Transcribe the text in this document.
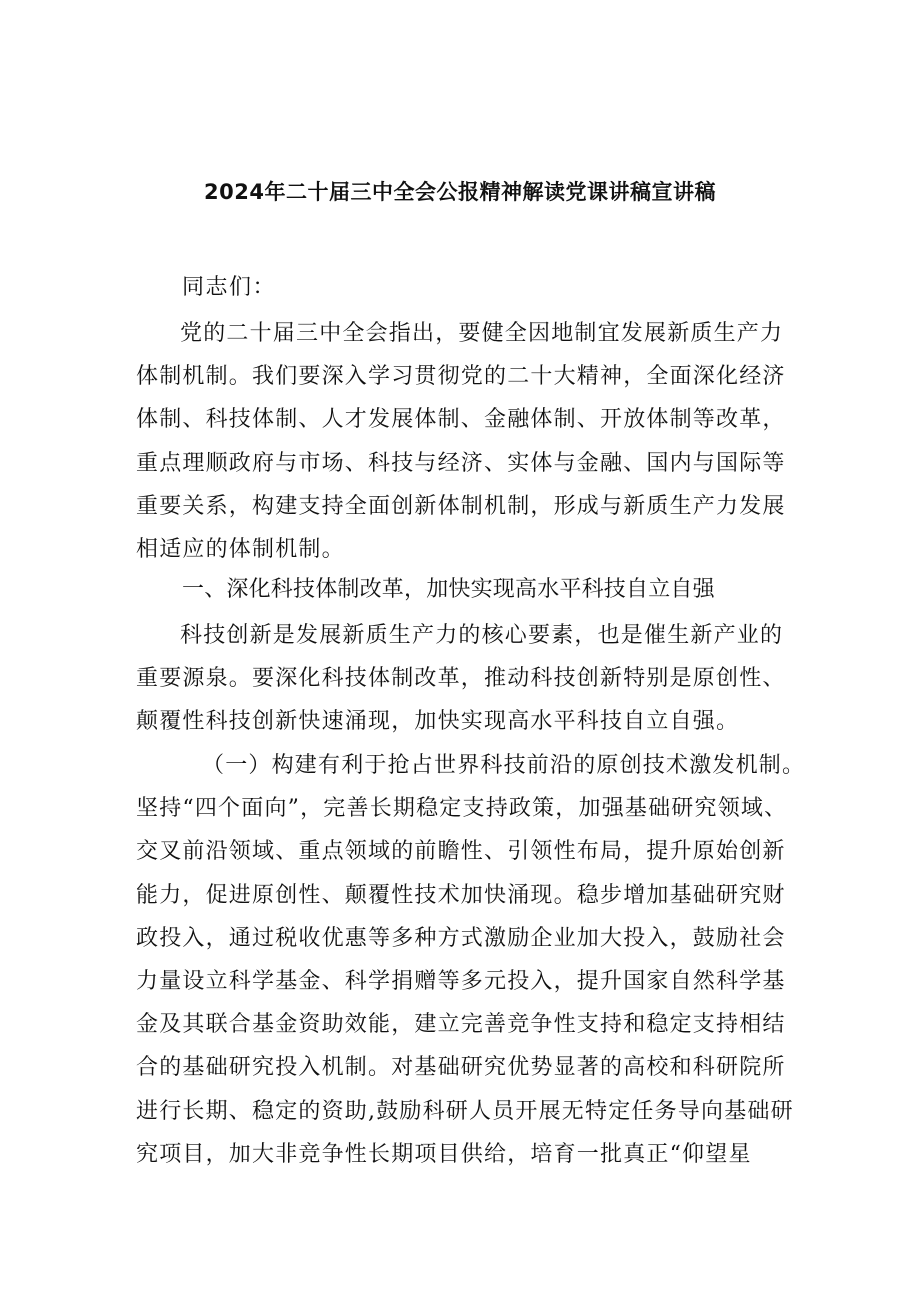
2024年二十届三中全会公报精神解读党课讲稿宣讲稿
同志们：
党的二十届三中全会指出，要健全因地制宜发展新质生产力
体制机制。我们要深入学习贯彻党的二十大精神，全面深化经济
体制、科技体制、人才发展体制、金融体制、开放体制等改革，
重点理顺政府与市场、科技与经济、实体与金融、国内与国际等
重要关系，构建支持全面创新体制机制，形成与新质生产力发展
相适应的体制机制。
一、深化科技体制改革，加快实现高水平科技自立自强
科技创新是发展新质生产力的核心要素，也是催生新产业的
重要源泉。要深化科技体制改革，推动科技创新特别是原创性、
颠覆性科技创新快速涌现，加快实现高水平科技自立自强。
（一）构建有利于抢占世界科技前沿的原创技术激发机制。
坚持“四个面向”，完善长期稳定支持政策，加强基础研究领域、
交叉前沿领域、重点领域的前瞻性、引领性布局，提升原始创新
能力，促进原创性、颠覆性技术加快涌现。稳步增加基础研究财
政投入，通过税收优惠等多种方式激励企业加大投入，鼓励社会
力量设立科学基金、科学捐赠等多元投入，提升国家自然科学基
金及其联合基金资助效能，建立完善竞争性支持和稳定支持相结
合的基础研究投入机制。对基础研究优势显著的高校和科研院所
进行长期、稳定的资助,鼓励科研人员开展无特定任务导向基础研
究项目，加大非竞争性长期项目供给，培育一批真正“仰望星
